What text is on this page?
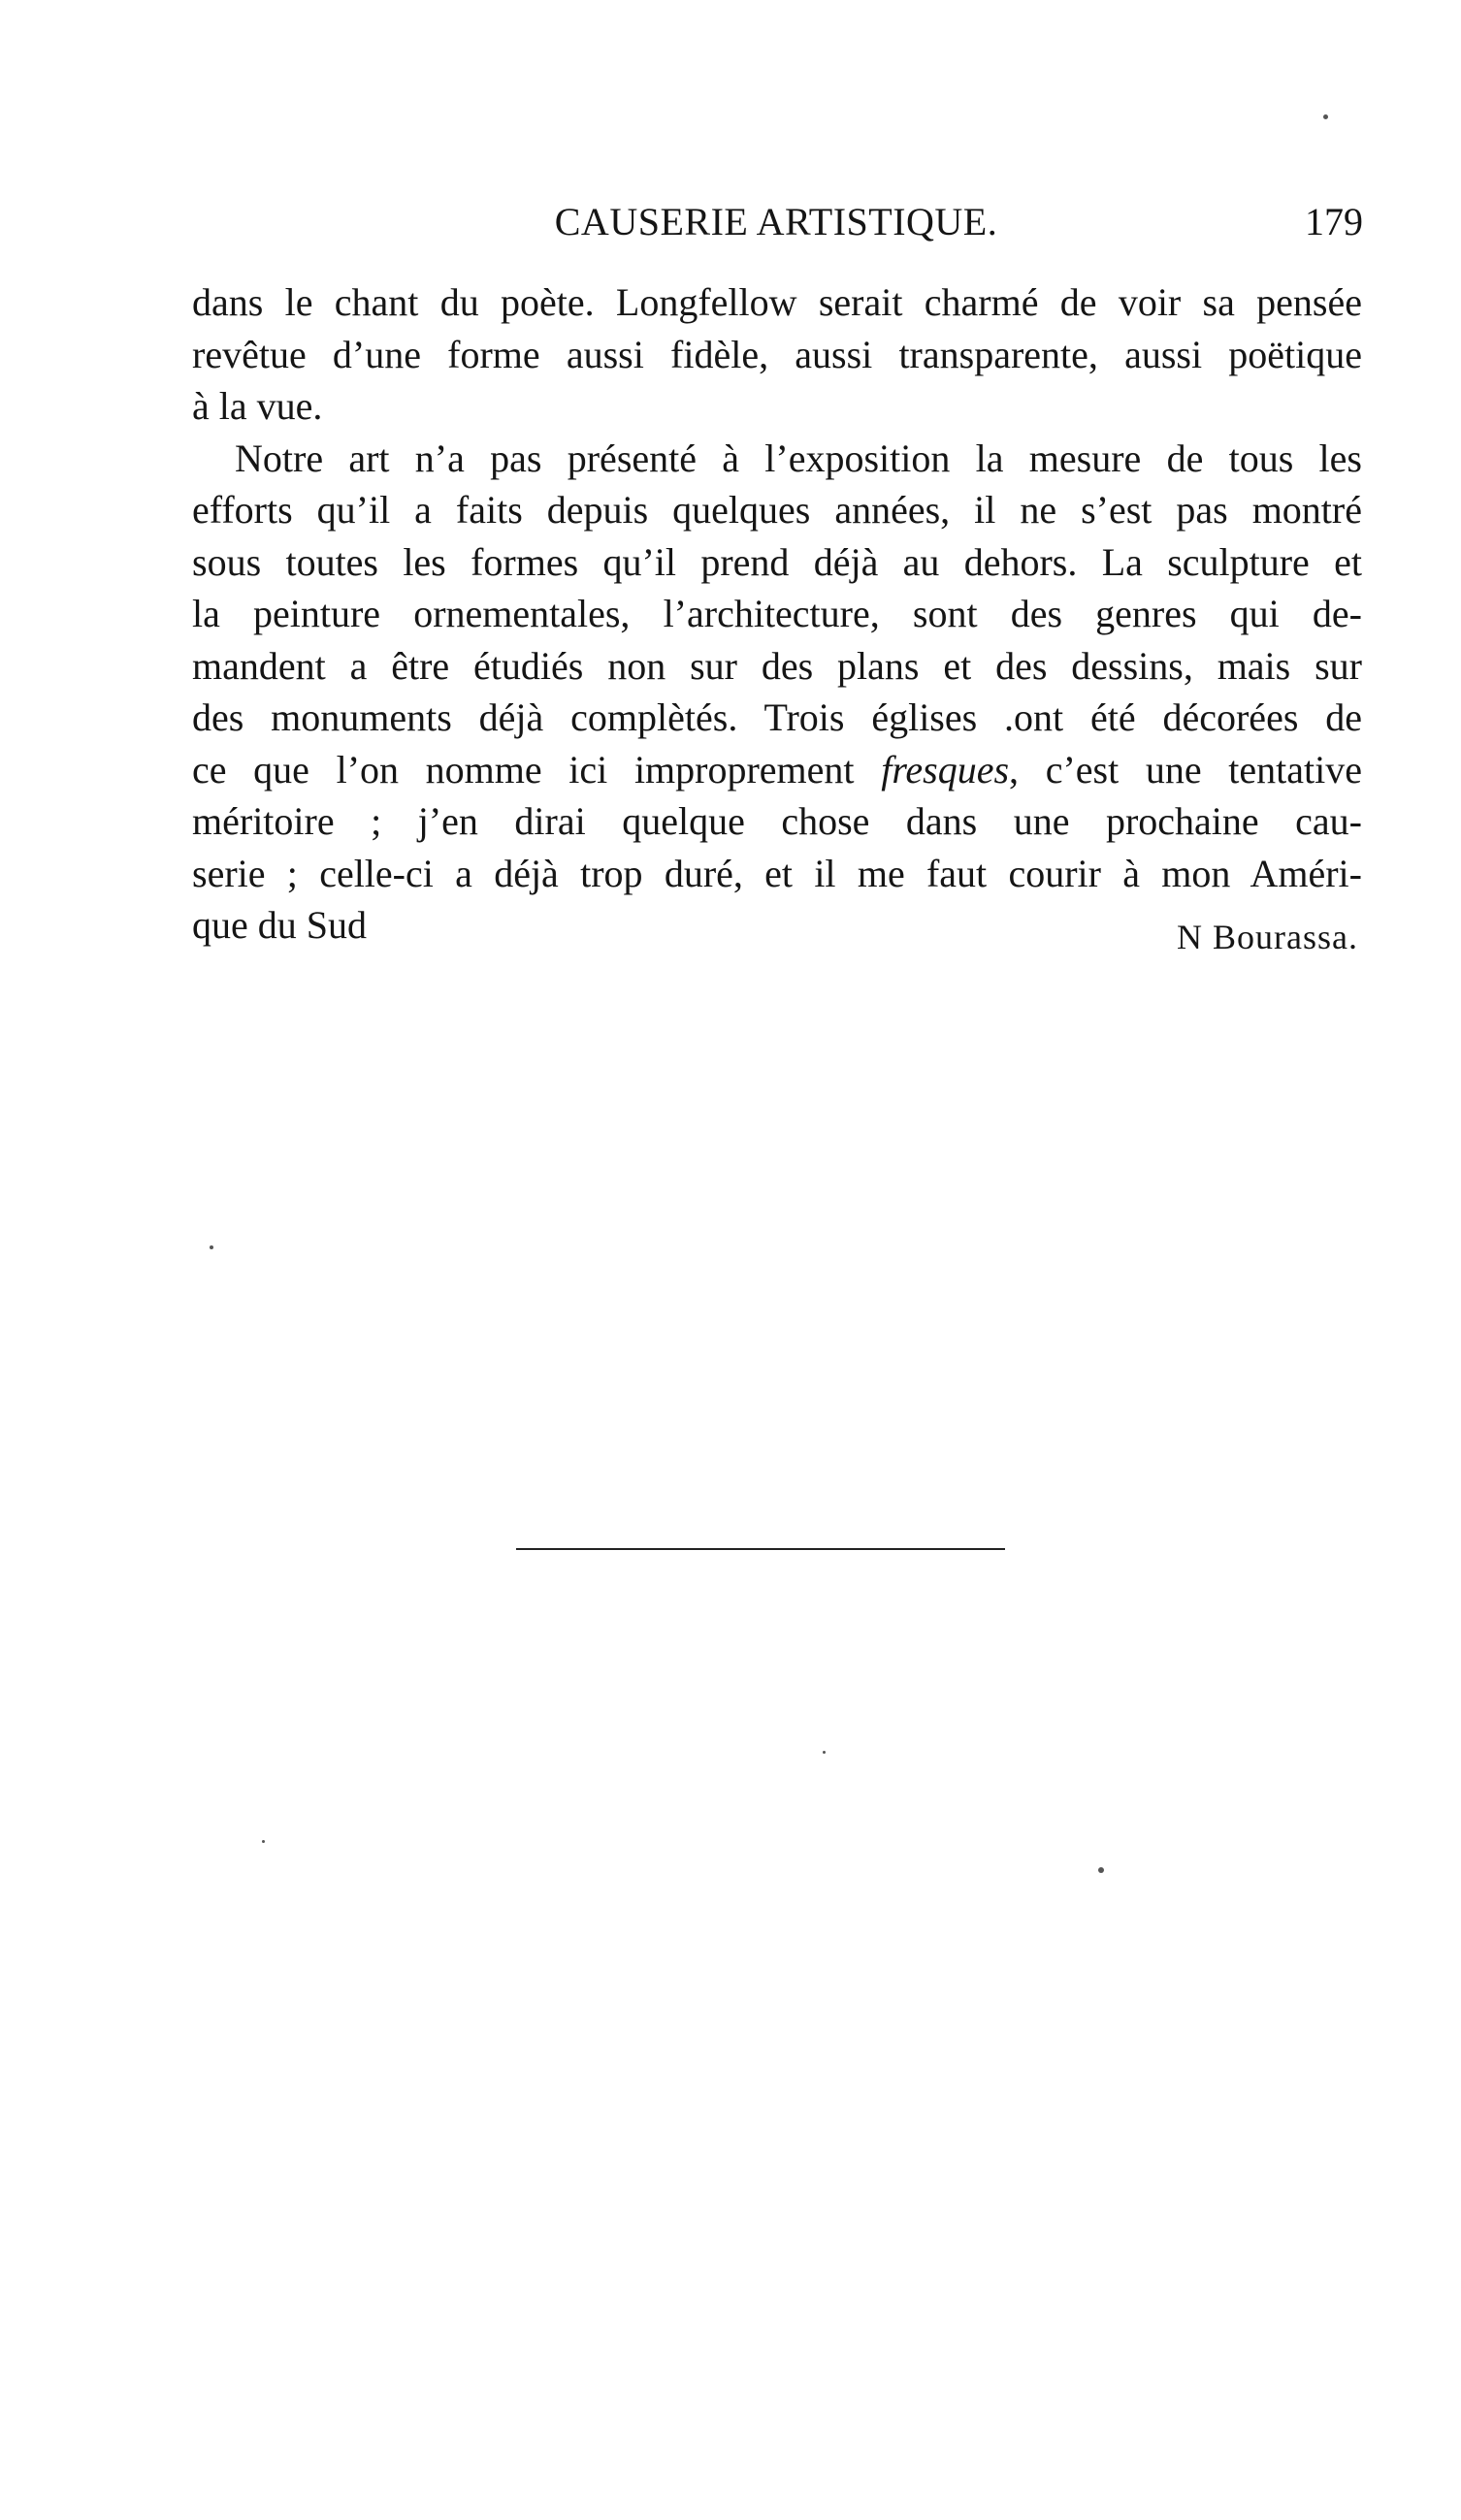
CAUSERIE ARTISTIQUE.	179
dans le chant du poète. Longfellow serait charmé de voir sa pensée
revêtue d’une forme aussi fidèle, aussi transparente, aussi poëtique
à la vue.
Notre art n’a pas présenté à l’exposition la mesure de tous les
efforts qu’il a faits depuis quelques années, il ne s’est pas montré
sous toutes les formes qu’il prend déjà au dehors. La sculpture et
la peinture ornementales, l’architecture, sont des genres qui de-
mandent a être étudiés non sur des plans et des dessins, mais sur
des monuments déjà complètés. Trois églises .ont été décorées de
ce que l’on nomme ici improprement fresques, c’est une tentative
méritoire ; j’en dirai quelque chose dans une prochaine cau-
serie ; celle-ci a déjà trop duré, et il me faut courir à mon Améri-
que du Sud	N Bourassa.
